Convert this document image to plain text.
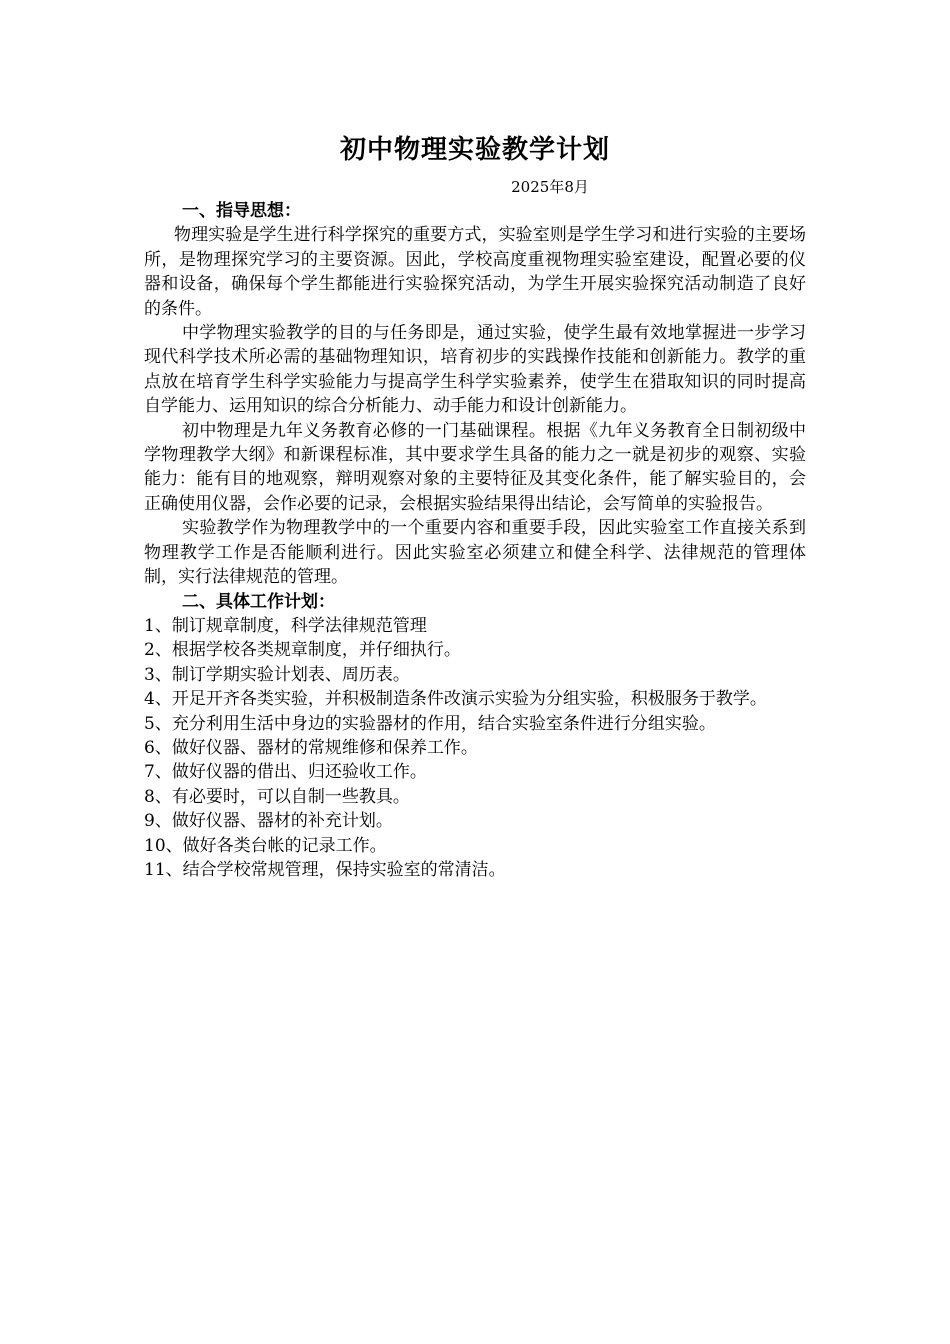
初中物理实验教学计划
2025年8月

一、指导思想：

物理实验是学生进行科学探究的重要方式，实验室则是学生学习和进行实验的主要场所，是物理探究学习的主要资源。因此，学校高度重视物理实验室建设，配置必要的仪器和设备，确保每个学生都能进行实验探究活动，为学生开展实验探究活动制造了良好的条件。

中学物理实验教学的目的与任务即是，通过实验，使学生最有效地掌握进一步学习现代科学技术所必需的基础物理知识，培育初步的实践操作技能和创新能力。教学的重点放在培育学生科学实验能力与提高学生科学实验素养，使学生在猎取知识的同时提高自学能力、运用知识的综合分析能力、动手能力和设计创新能力。

初中物理是九年义务教育必修的一门基础课程。根据《九年义务教育全日制初级中学物理教学大纲》和新课程标准，其中要求学生具备的能力之一就是初步的观察、实验能力：能有目的地观察，辩明观察对象的主要特征及其变化条件，能了解实验目的，会正确使用仪器，会作必要的记录，会根据实验结果得出结论，会写简单的实验报告。

实验教学作为物理教学中的一个重要内容和重要手段，因此实验室工作直接关系到物理教学工作是否能顺利进行。因此实验室必须建立和健全科学、法律规范的管理体制，实行法律规范的管理。

二、具体工作计划：

1、制订规章制度，科学法律规范管理
2、根据学校各类规章制度，并仔细执行。
3、制订学期实验计划表、周历表。
4、开足开齐各类实验，并积极制造条件改演示实验为分组实验，积极服务于教学。
5、充分利用生活中身边的实验器材的作用，结合实验室条件进行分组实验。
6、做好仪器、器材的常规维修和保养工作。
7、做好仪器的借出、归还验收工作。
8、有必要时，可以自制一些教具。
9、做好仪器、器材的补充计划。
10、做好各类台帐的记录工作。
11、结合学校常规管理，保持实验室的常清洁。
